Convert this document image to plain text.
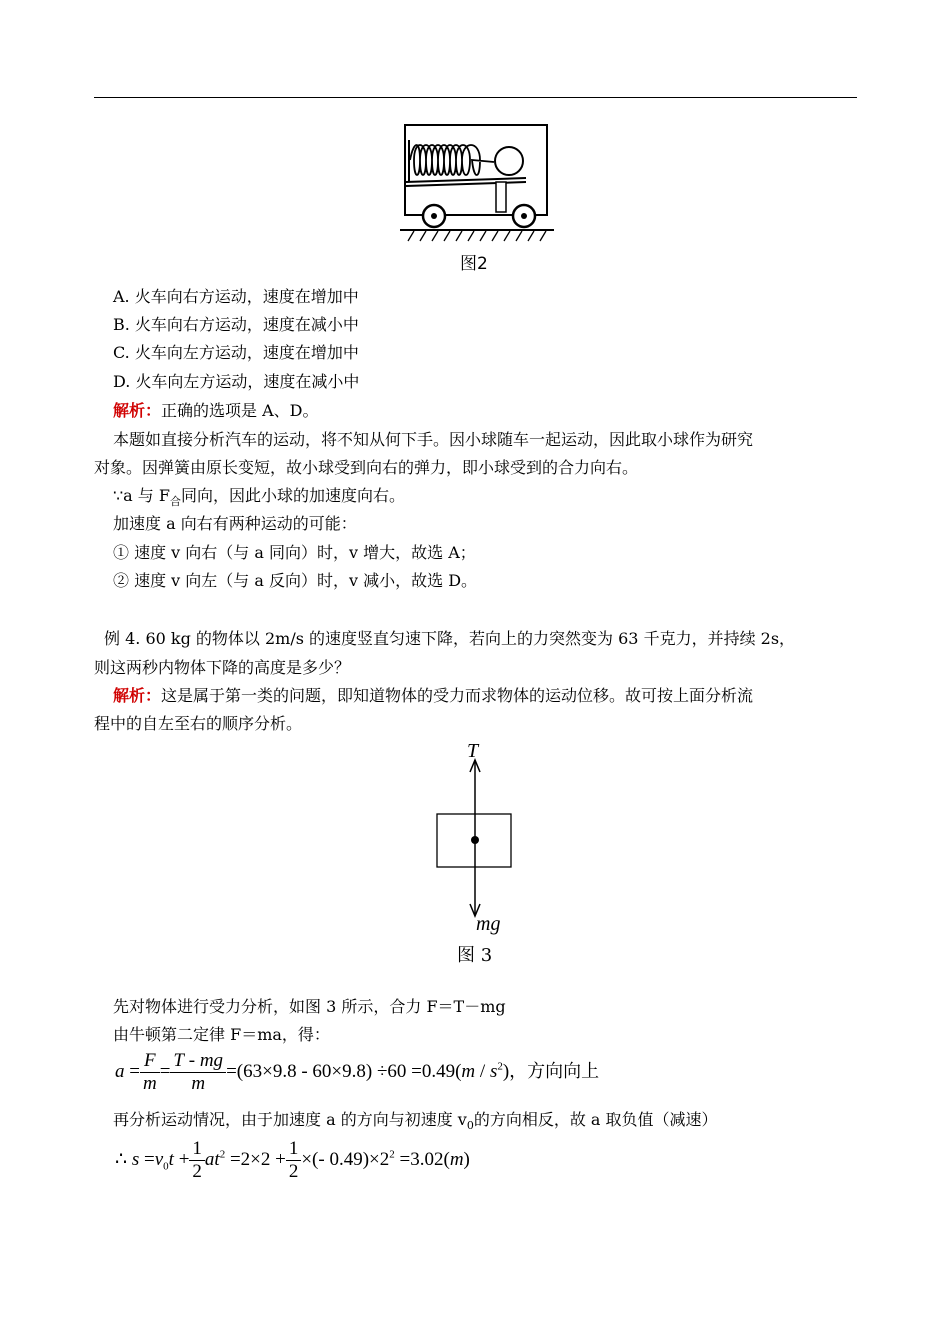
图2
A. 火车向右方运动，速度在增加中
B. 火车向右方运动，速度在减小中
C. 火车向左方运动，速度在增加中
D. 火车向左方运动，速度在减小中
解析：正确的选项是 A、D。
本题如直接分析汽车的运动，将不知从何下手。因小球随车一起运动，因此取小球作为研究
对象。因弹簧由原长变短，故小球受到向右的弹力，即小球受到的合力向右。
∵a 与 $F_合$同向，因此小球的加速度向右。
加速度 a 向右有两种运动的可能：
① 速度 v 向右（与 a 同向）时，v 增大，故选 A；
② 速度 v 向左（与 a 反向）时，v 减小，故选 D。
例 4. 60 kg 的物体以 2m/s 的速度竖直匀速下降，若向上的力突然变为 63 千克力，并持续 2s，
则这两秒内物体下降的高度是多少？
解析：这是属于第一类的问题，即知道物体的受力而求物体的运动位移。故可按上面分析流
程中的自左至右的顺序分析。
T
mg
图 3
先对物体进行受力分析，如图 3 所示，合力 F＝T－mg
由牛顿第二定律 F＝ma，得：
$a = \frac{F}{m} = \frac{T - mg}{m} =(63\times 9.8 - 60\times 9.8) \div 60 =0.49(m / s^2)$，方向向上
再分析运动情况，由于加速度 a 的方向与初速度 $v_0$的方向相反，故 a 取负值（减速）
∴ $s =v_0t + \frac{1}{2} at^2 =2\times 2 + \frac{1}{2}$ ×(- $0.49)\times 2^2 =3.02(m)$
